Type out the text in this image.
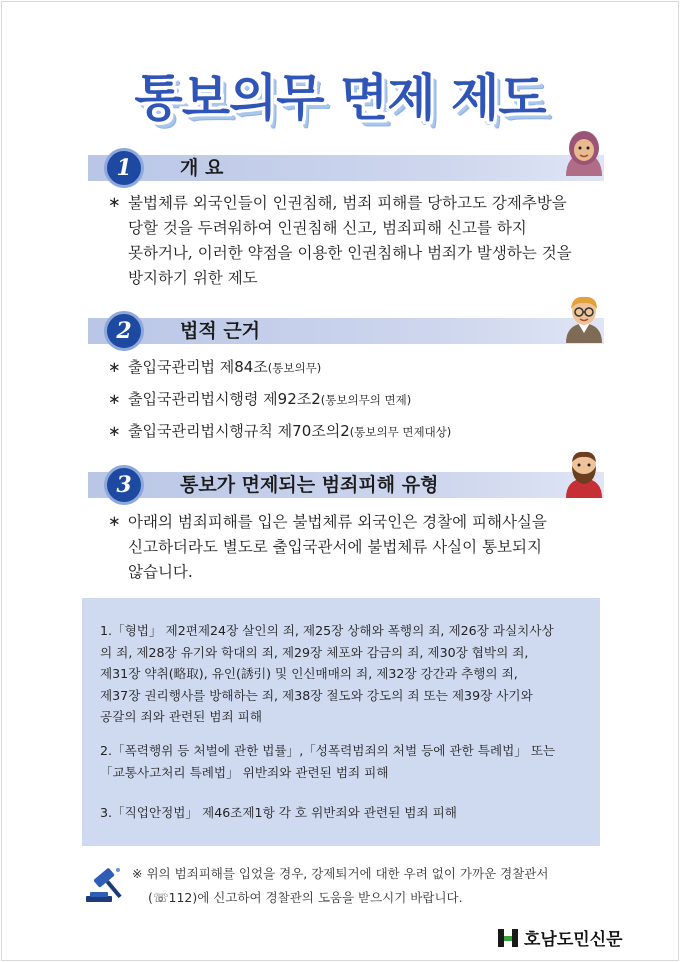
통보의무 면제 제도
1	개 요
∗ 불법체류 외국인들이 인권침해, 범죄 피해를 당하고도 강제추방을
당할 것을 두려워하여 인권침해 신고, 범죄피해 신고를 하지
못하거나, 이러한 약점을 이용한 인권침해나 범죄가 발생하는 것을
방지하기 위한 제도
2	법적 근거
∗ 출입국관리법 제84조(통보의무)
∗ 출입국관리법시행령 제92조2(통보의무의 면제)
∗ 출입국관리법시행규칙 제70조의2(통보의무 면제대상)
3	통보가 면제되는 범죄피해 유형
∗ 아래의 범죄피해를 입은 불법체류 외국인은 경찰에 피해사실을
신고하더라도 별도로 출입국관서에 불법체류 사실이 통보되지
않습니다.
1.「형법」 제2편제24장 살인의 죄, 제25장 상해와 폭행의 죄, 제26장 과실치사상
의 죄, 제28장 유기와 학대의 죄, 제29장 체포와 감금의 죄, 제30장 협박의 죄,
제31장 약취(略取), 유인(誘引) 및 인신매매의 죄, 제32장 강간과 추행의 죄,
제37장 권리행사를 방해하는 죄, 제38장 절도와 강도의 죄 또는 제39장 사기와
공갈의 죄와 관련된 범죄 피해
2.「폭력행위 등 처벌에 관한 법률」,「성폭력범죄의 처벌 등에 관한 특례법」 또는
「교통사고처리 특례법」 위반죄와 관련된 범죄 피해
3.「직업안정법」 제46조제1항 각 호 위반죄와 관련된 범죄 피해
※ 위의 범죄피해를 입었을 경우, 강제퇴거에 대한 우려 없이 가까운 경찰관서
(☏112)에 신고하여 경찰관의 도움을 받으시기 바랍니다.
호남도민신문
